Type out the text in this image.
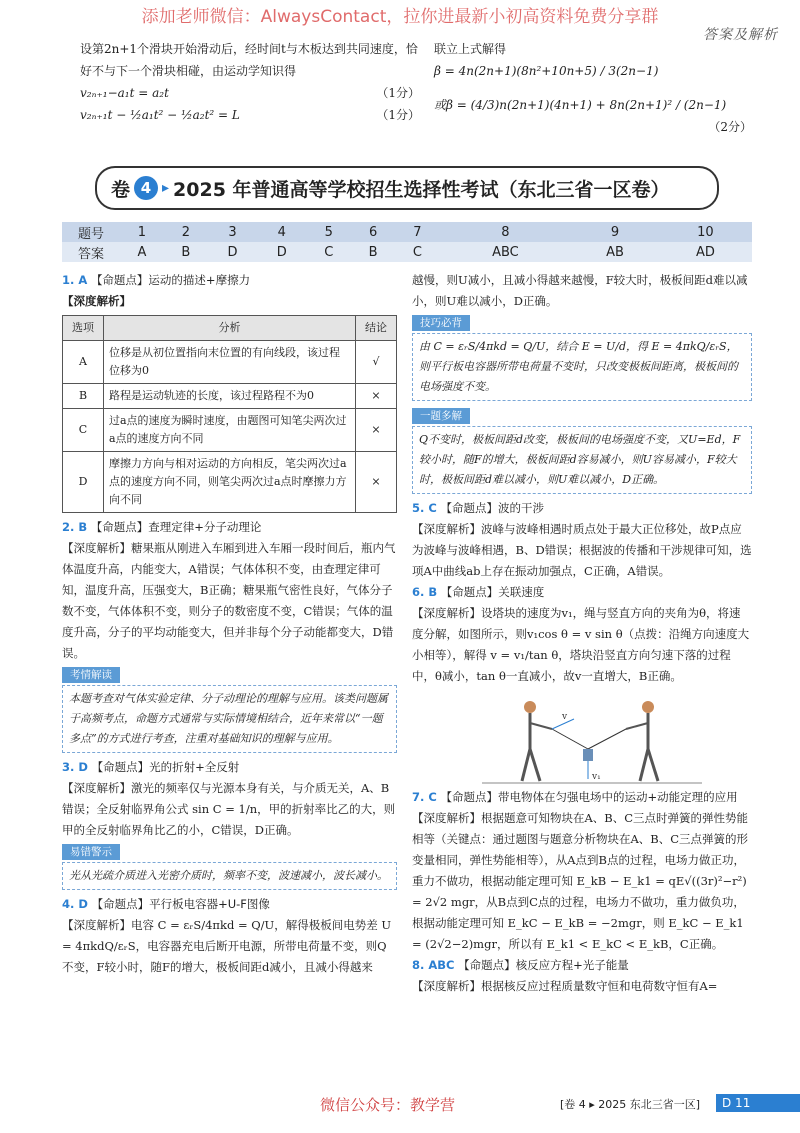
添加老师微信：AlwaysContact，拉你进最新小初高资料免费分享群
答案及解析

设第2n+1个滑块开始滑动后，经时间t与木板达到共同速度，恰好不与下一个滑块相碰，由运动学知识得

v₂ₙ₊₁−a₁t = a₂t	（1分）

v₂ₙ₊₁t − ½a₁t² − ½a₂t² = L	（1分）

联立上式解得

β = 4n(2n+1)(8n²+10n+5) / 3(2n−1)

或β = (4/3)n(2n+1)(4n+1) + 8n(2n+1)² / (2n−1)

（2分）

卷 4 ▸ 2025 年普通高等学校招生选择性考试（东北三省一区卷）
题号	1	2	3	4	5	6	7	8	9	10
答案	A	B	D	D	C	B	C	ABC	AB	AD

1. A 【命题点】运动的描述+摩擦力

【深度解析】

选项	分析	结论
A	位移是从初位置指向末位置的有向线段，该过程位移为0	√
B	路程是运动轨迹的长度，该过程路程不为0	×
C	过a点的速度为瞬时速度，由题图可知笔尖两次过a点的速度方向不同	×
D	摩擦力方向与相对运动的方向相反，笔尖两次过a点的速度方向不同，则笔尖两次过a点时摩擦力方向不同	×

2. B 【命题点】查理定律+分子动理论

【深度解析】糖果瓶从刚进入车厢到进入车厢一段时间后，瓶内气体温度升高，内能变大，A错误；气体体积不变，由查理定律可知，温度升高，压强变大，B正确；糖果瓶气密性良好，气体分子数不变，气体体积不变，则分子的数密度不变，C错误；气体的温度升高，分子的平均动能变大，但并非每个分子动能都变大，D错误。

考情解读

本题考查对气体实验定律、分子动理论的理解与应用。该类问题属于高频考点，命题方式通常与实际情境相结合，近年来常以“一题多点”的方式进行考查，注重对基础知识的理解与应用。

3. D 【命题点】光的折射+全反射

【深度解析】激光的频率仅与光源本身有关，与介质无关，A、B错误；全反射临界角公式 sin C = 1/n，甲的折射率比乙的大，则甲的全反射临界角比乙的小，C错误，D正确。

易错警示

光从光疏介质进入光密介质时，频率不变，波速减小，波长减小。

4. D 【命题点】平行板电容器+U-F图像

【深度解析】电容 C = εᵣS/4πkd = Q/U，解得极板间电势差 U = 4πkdQ/εᵣS，电容器充电后断开电源，所带电荷量不变，则Q不变，F较小时，随F的增大，极板间距d减小，且减小得越来

越慢，则U减小，且减小得越来越慢，F较大时，极板间距d难以减小，则U难以减小，D正确。

技巧必背

由 C = εᵣS/4πkd = Q/U，结合 E = U/d，得 E = 4πkQ/εᵣS，则平行板电容器所带电荷量不变时，只改变极板间距离，极板间的电场强度不变。

一题多解

Q不变时，极板间距d改变，极板间的电场强度不变，又U=Ed，F较小时，随F的增大，极板间距d容易减小，则U容易减小，F较大时，极板间距d难以减小，则U难以减小，D正确。

5. C 【命题点】波的干涉

【深度解析】波峰与波峰相遇时质点处于最大正位移处，故P点应为波峰与波峰相遇，B、D错误；根据波的传播和干涉规律可知，选项A中曲线ab上存在振动加强点，C正确，A错误。

6. B 【命题点】关联速度

【深度解析】设塔块的速度为v₁，绳与竖直方向的夹角为θ，将速度分解，如图所示，则v₁cos θ = v sin θ（点拨：沿绳方向速度大小相等），解得 v = v₁/tan θ，塔块沿竖直方向匀速下落的过程中，θ减小，tan θ一直减小，故v一直增大，B正确。

v
v₁

7. C 【命题点】带电物体在匀强电场中的运动+动能定理的应用

【深度解析】根据题意可知物块在A、B、C三点时弹簧的弹性势能相等（关键点：通过题图与题意分析物块在A、B、C三点弹簧的形变量相同，弹性势能相等），从A点到B点的过程，电场力做正功，重力不做功，根据动能定理可知 E_kB − E_k1 = qE√((3r)²−r²) = 2√2 mgr，从B点到C点的过程，电场力不做功，重力做负功，根据动能定理可知 E_kC − E_kB = −2mgr，则 E_kC − E_k1 = (2√2−2)mgr，所以有 E_k1 < E_kC < E_kB，C正确。

8. ABC 【命题点】核反应方程+光子能量

【深度解析】根据核反应过程质量数守恒和电荷数守恒有A=

微信公众号：教学营	[卷 4 ▸ 2025 东北三省一区]	D 11
